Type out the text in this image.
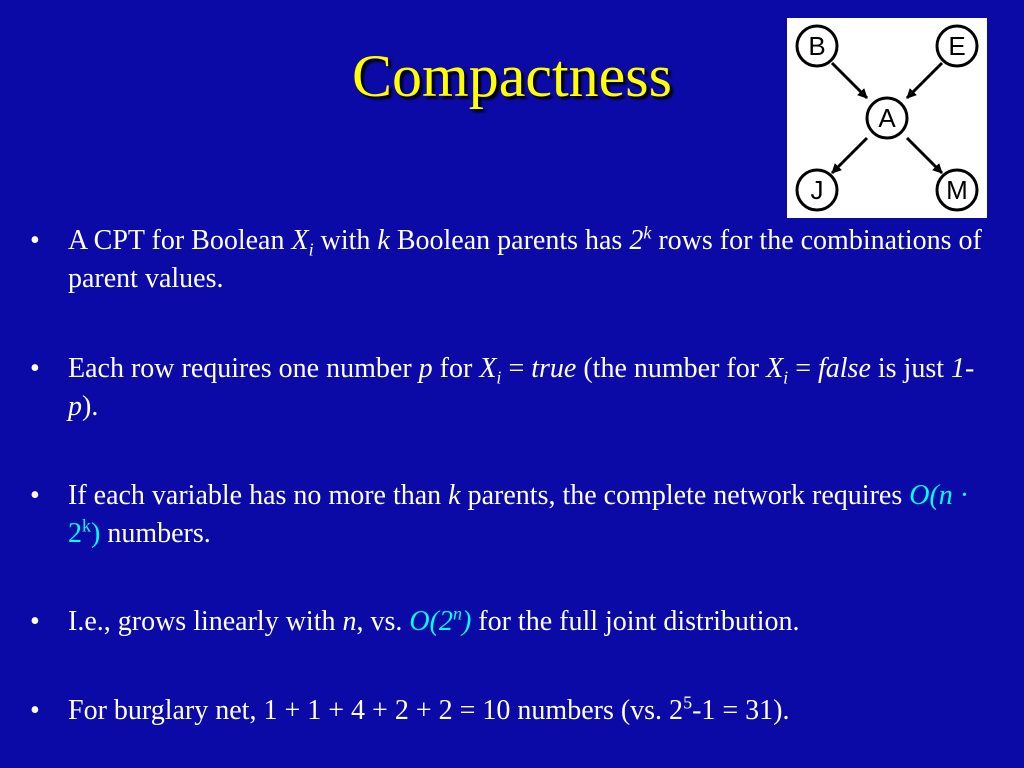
Compactness	B	E
A
J	M
• A CPT for Boolean $X_i$ with k Boolean parents has 2$^k$ rows for the combinations of parent values.
• Each row requires one number p for $X_i$ = true (the number for $X_i$ = false is just 1-p).
• If each variable has no more than k parents, the complete network requires $O(n \cdot 2^k)$ numbers.
• I.e., grows linearly with n, vs. O(2$^n$) for the full joint distribution.
• For burglary net, 1 + 1 + 4 + 2 + 2 = 10 numbers (vs. $2^5-1 = 31$).
